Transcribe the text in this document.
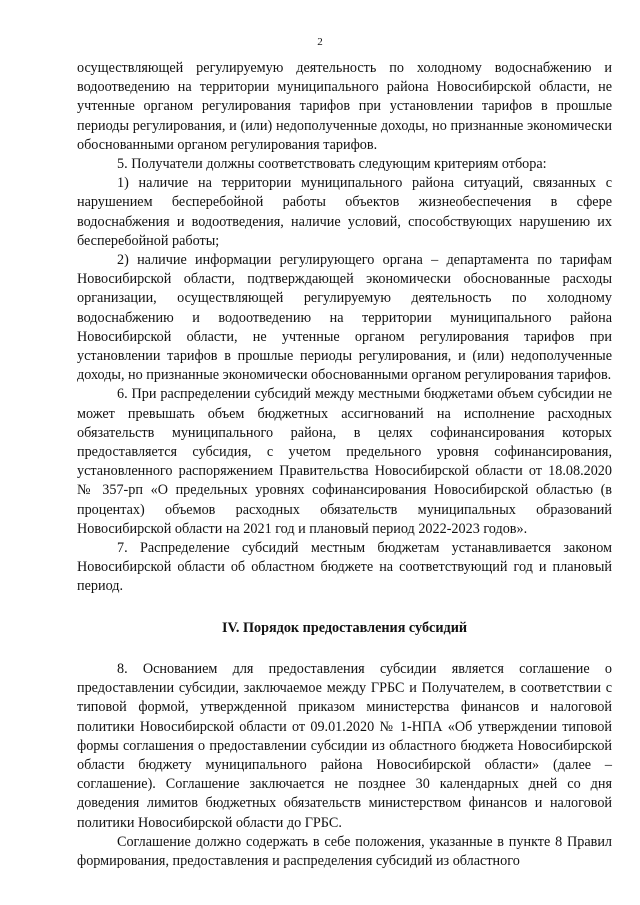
2

осуществляющей регулируемую деятельность по холодному водоснабжению и водоотведению на территории муниципального района Новосибирской области, не учтенные органом регулирования тарифов при установлении тарифов в прошлые периоды регулирования, и (или) недополученные доходы, но признанные экономически обоснованными органом регулирования тарифов.

5. Получатели должны соответствовать следующим критериям отбора:

1) наличие на территории муниципального района ситуаций, связанных с нарушением бесперебойной работы объектов жизнеобеспечения в сфере водоснабжения и водоотведения, наличие условий, способствующих нарушению их бесперебойной работы;

2) наличие информации регулирующего органа – департамента по тарифам Новосибирской области, подтверждающей экономически обоснованные расходы организации, осуществляющей регулируемую деятельность по холодному водоснабжению и водоотведению на территории муниципального района Новосибирской области, не учтенные органом регулирования тарифов при установлении тарифов в прошлые периоды регулирования, и (или) недополученные доходы, но признанные экономически обоснованными органом регулирования тарифов.

6. При распределении субсидий между местными бюджетами объем субсидии не может превышать объем бюджетных ассигнований на исполнение расходных обязательств муниципального района, в целях софинансирования которых предоставляется субсидия, с учетом предельного уровня софинансирования, установленного распоряжением Правительства Новосибирской области от 18.08.2020 № 357-рп «О предельных уровнях софинансирования Новосибирской областью (в процентах) объемов расходных обязательств муниципальных образований Новосибирской области на 2021 год и плановый период 2022-2023 годов».

7. Распределение субсидий местным бюджетам устанавливается законом Новосибирской области об областном бюджете на соответствующий год и плановый период.

IV. Порядок предоставления субсидий

8. Основанием для предоставления субсидии является соглашение о предоставлении субсидии, заключаемое между ГРБС и Получателем, в соответствии с типовой формой, утвержденной приказом министерства финансов и налоговой политики Новосибирской области от 09.01.2020 № 1-НПА «Об утверждении типовой формы соглашения о предоставлении субсидии из областного бюджета Новосибирской области бюджету муниципального района Новосибирской области» (далее – соглашение). Соглашение заключается не позднее 30 календарных дней со дня доведения лимитов бюджетных обязательств министерством финансов и налоговой политики Новосибирской области до ГРБС.

Соглашение должно содержать в себе положения, указанные в пункте 8 Правил формирования, предоставления и распределения субсидий из областного
